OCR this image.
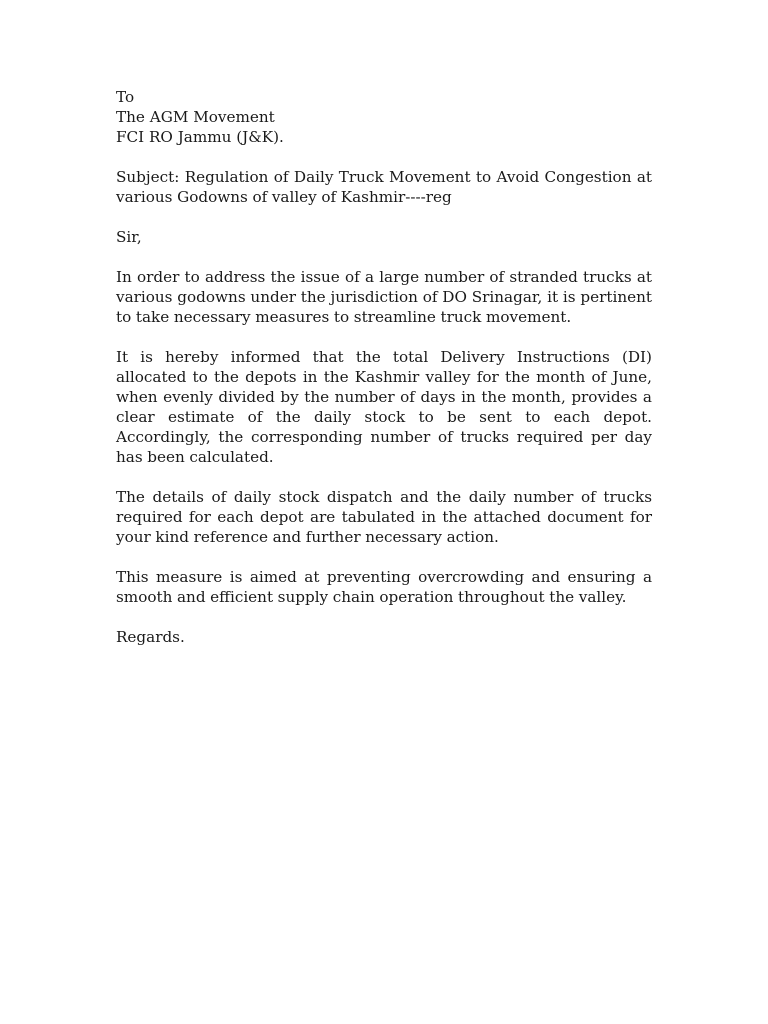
To
The AGM Movement
FCI RO Jammu (J&K).

Subject: Regulation of Daily Truck Movement to Avoid Congestion at various Godowns of valley of Kashmir----reg

Sir,

In order to address the issue of a large number of stranded trucks at various godowns under the jurisdiction of DO Srinagar, it is pertinent to take necessary measures to streamline truck movement.

It is hereby informed that the total Delivery Instructions (DI) allocated to the depots in the Kashmir valley for the month of June, when evenly divided by the number of days in the month, provides a clear estimate of the daily stock to be sent to each depot. Accordingly, the corresponding number of trucks required per day has been calculated.

The details of daily stock dispatch and the daily number of trucks required for each depot are tabulated in the attached document for your kind reference and further necessary action.

This measure is aimed at preventing overcrowding and ensuring a smooth and efficient supply chain operation throughout the valley.

Regards.
